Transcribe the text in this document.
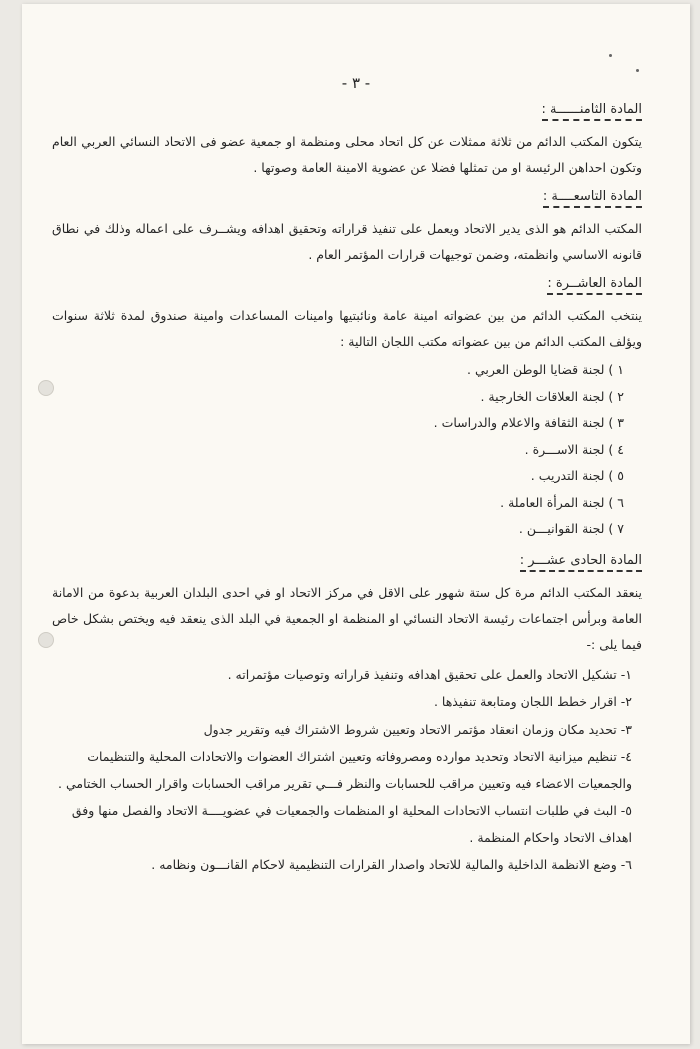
- ٣ -
المادة الثامنــــــة :

يتكون المكتب الدائم من ثلاثة ممثلات عن كل اتحاد محلى ومنظمة او جمعية عضو فى الاتحاد النسائي العربي العام وتكون احداهن الرئيسة او من تمثلها فضلا عن عضوية الامينة العامة وصوتها .

المادة التاسعــــة :

المكتب الدائم هو الذى يدير الاتحاد ويعمل على تنفيذ قراراته وتحقيق اهدافه ويشــرف على اعماله وذلك في نطاق قانونه الاساسي وانظمته، وضمن توجيهات قرارات المؤتمر العام .

المادة العاشــرة :

ينتخب المكتب الدائم من بين عضواته امينة عامة ونائبتيها وامينات المساعدات وامينة صندوق لمدة ثلاثة سنوات ويؤلف المكتب الدائم من بين عضواته مكتب اللجان التالية :

١ ) لجنة قضايا الوطن العربي .
٢ ) لجنة العلاقات الخارجية .
٣ ) لجنة الثقافة والاعلام والدراسات .
٤ ) لجنة الاســـرة .
٥ ) لجنة التدريب .
٦ ) لجنة المرأة العاملة .
٧ ) لجنة القوانيـــن .
المادة الحادى عشـــر :

ينعقد المكتب الدائم مرة كل ستة شهور على الاقل في مركز الاتحاد او في احدى البلدان العربية بدعوة من الامانة العامة وبرأس اجتماعات رئيسة الاتحاد النسائي او المنظمة او الجمعية في البلد الذى ينعقد فيه ويختص بشكل خاص فيما يلى :-

١- تشكيل الاتحاد والعمل على تحقيق اهدافه وتنفيذ قراراته وتوصيات مؤتمراته .
٢- اقرار خطط اللجان ومتابعة تنفيذها .
٣- تحديد مكان وزمان انعقاد مؤتمر الاتحاد وتعيين شروط الاشتراك فيه وتقرير جدول
٤- تنظيم ميزانية الاتحاد وتحديد موارده ومصروفاته وتعيين اشتراك العضوات والاتحادات المحلية والتنظيمات والجمعيات الاعضاء فيه وتعيين مراقب للحسابات والنظر فـــي تقرير مراقب الحسابات واقرار الحساب الختامي .
٥- البث في طلبات انتساب الاتحادات المحلية او المنظمات والجمعيات في عضويــــة الاتحاد والفصل منها وفق اهداف الاتحاد واحكام المنظمة .
٦- وضع الانظمة الداخلية والمالية للاتحاد واصدار القرارات التنظيمية لاحكام القانـــون ونظامه .
